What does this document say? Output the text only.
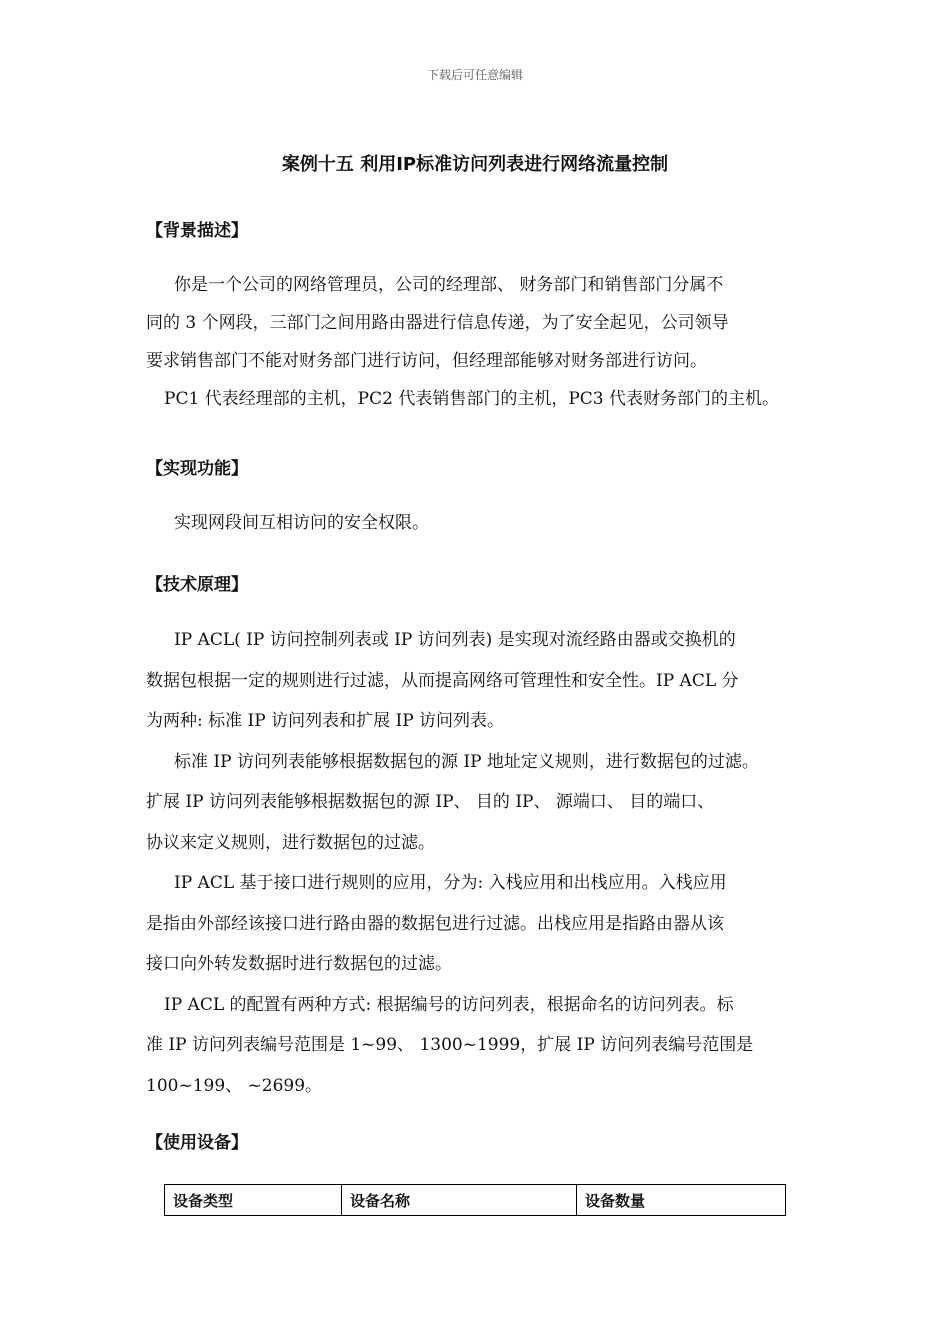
下载后可任意编辑
案例十五 利用IP标准访问列表进行网络流量控制
【背景描述】
你是一个公司的网络管理员，公司的经理部、 财务部门和销售部门分属不
同的 3 个网段，三部门之间用路由器进行信息传递，为了安全起见，公司领导
要求销售部门不能对财务部门进行访问，但经理部能够对财务部进行访问。
PC1 代表经理部的主机，PC2 代表销售部门的主机，PC3 代表财务部门的主机。
【实现功能】
实现网段间互相访问的安全权限。
【技术原理】
IP ACL( IP 访问控制列表或 IP 访问列表) 是实现对流经路由器或交换机的
数据包根据一定的规则进行过滤，从而提高网络可管理性和安全性。IP ACL 分
为两种: 标准 IP 访问列表和扩展 IP 访问列表。
标准 IP 访问列表能够根据数据包的源 IP 地址定义规则，进行数据包的过滤。
扩展 IP 访问列表能够根据数据包的源 IP、 目的 IP、 源端口、 目的端口、
协议来定义规则，进行数据包的过滤。
IP ACL 基于接口进行规则的应用，分为: 入栈应用和出栈应用。入栈应用
是指由外部经该接口进行路由器的数据包进行过滤。出栈应用是指路由器从该
接口向外转发数据时进行数据包的过滤。
IP ACL 的配置有两种方式: 根据编号的访问列表，根据命名的访问列表。标
准 IP 访问列表编号范围是 1~99、 1300~1999，扩展 IP 访问列表编号范围是
100~199、 ~2699。
【使用设备】
设备类型	设备名称	设备数量
